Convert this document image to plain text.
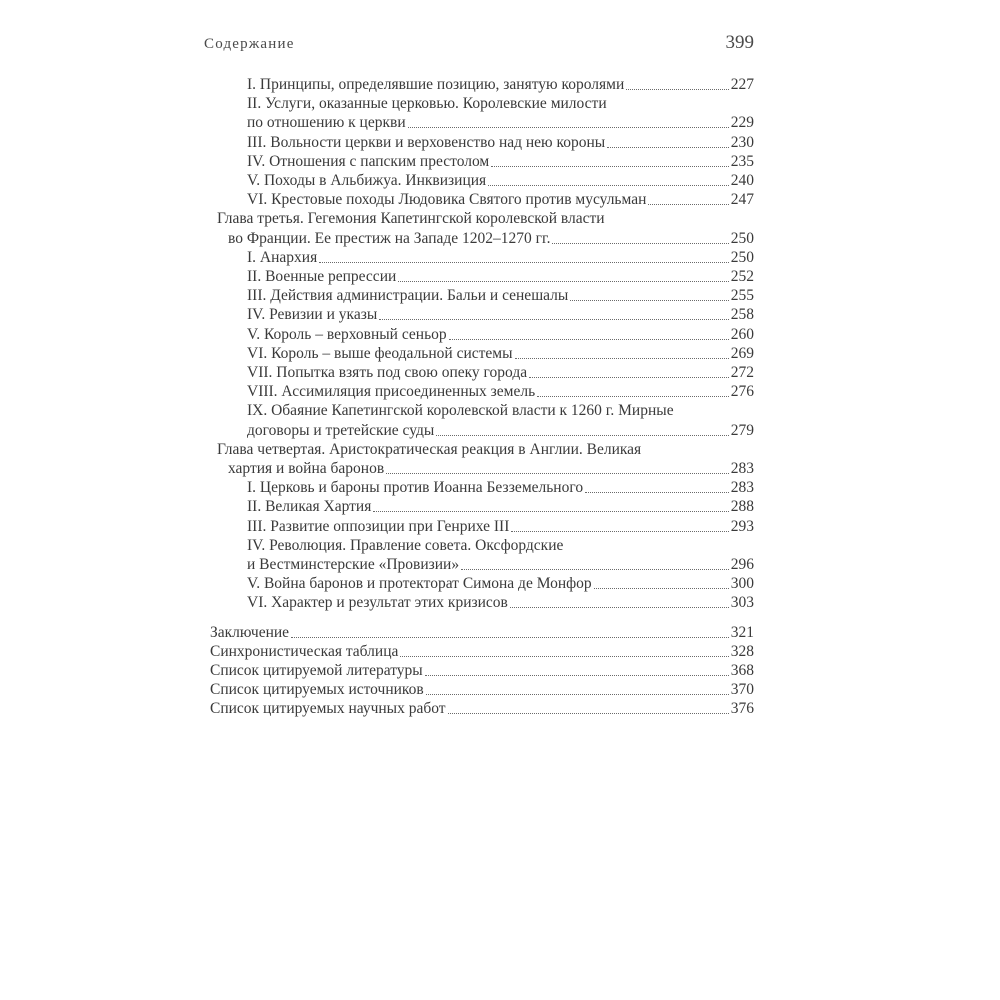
Содержание	399
I. Принципы, определявшие позицию, занятую королями	227
II. Услуги, оказанные церковью. Королевские милости
по отношению к церкви	229
III. Вольности церкви и верховенство над нею короны	230
IV. Отношения с папским престолом	235
V. Походы в Альбижуа. Инквизиция	240
VI. Крестовые походы Людовика Святого против мусульман	247
Глава третья. Гегемония Капетингской королевской власти
во Франции. Ее престиж на Западе 1202–1270 гг.	250
I. Анархия	250
II. Военные репрессии	252
III. Действия администрации. Бальи и сенешалы	255
IV. Ревизии и указы	258
V. Король – верховный сеньор	260
VI. Король – выше феодальной системы	269
VII. Попытка взять под свою опеку города	272
VIII. Ассимиляция присоединенных земель	276
IX. Обаяние Капетингской королевской власти к 1260 г. Мирные
договоры и третейские суды	279
Глава четвертая. Аристократическая реакция в Англии. Великая
хартия и война баронов	283
I. Церковь и бароны против Иоанна Безземельного	283
II. Великая Хартия	288
III. Развитие оппозиции при Генрихе III	293
IV. Революция. Правление совета. Оксфордские
и Вестминстерские «Провизии»	296
V. Война баронов и протекторат Симона де Монфор	300
VI. Характер и результат этих кризисов	303
Заключение	321
Синхронистическая таблица	328
Список цитируемой литературы	368
Список цитируемых источников	370
Список цитируемых научных работ	376
